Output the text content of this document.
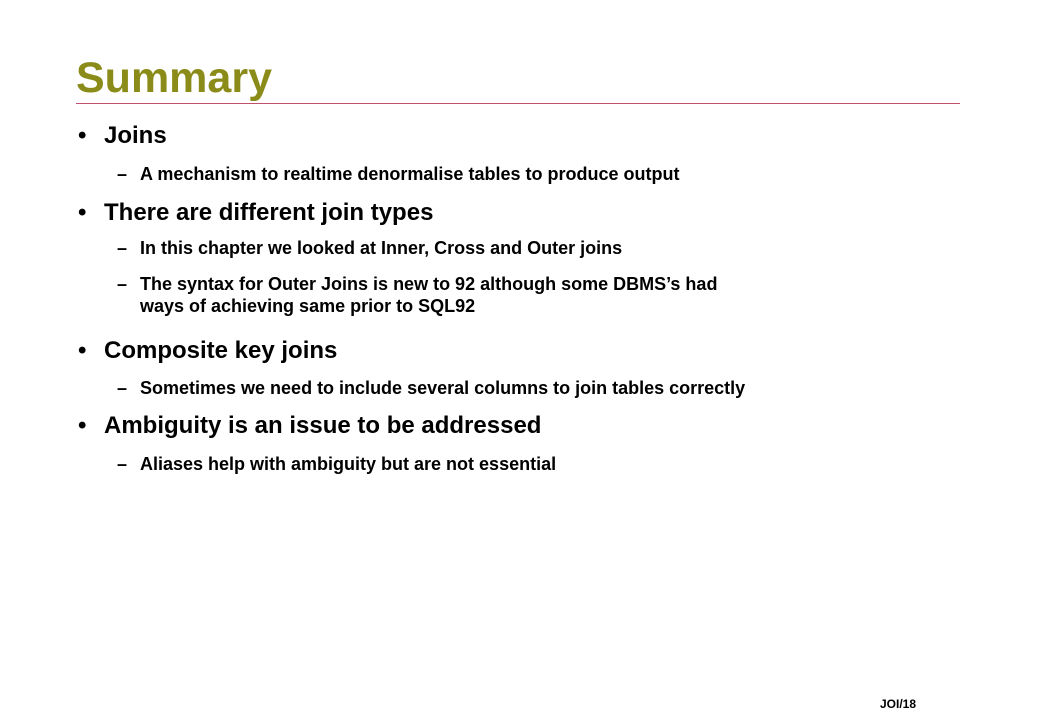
Summary
• Joins
– A mechanism to realtime denormalise tables to produce output
• There are different join types
– In this chapter we looked at Inner, Cross and Outer joins
– The syntax for Outer Joins is new to 92 although some DBMS’s had
ways of achieving same prior to SQL92
• Composite key joins
– Sometimes we need to include several columns to join tables correctly
• Ambiguity is an issue to be addressed
– Aliases help with ambiguity but are not essential
JOI/18
